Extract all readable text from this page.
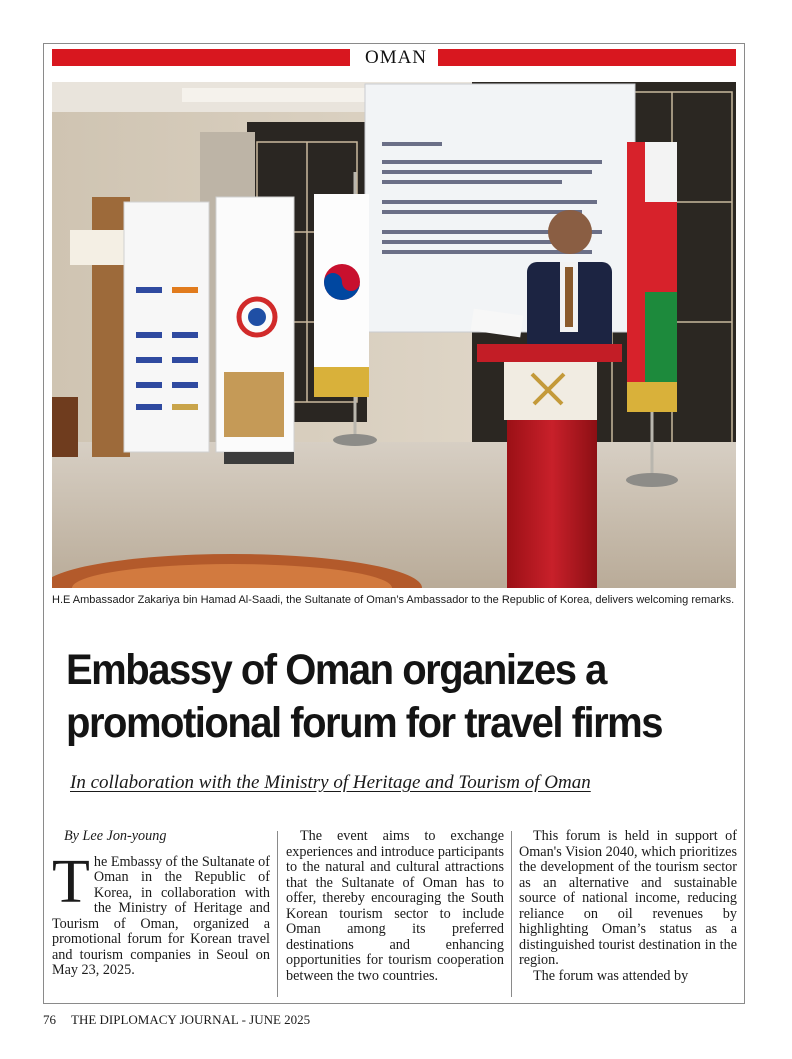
OMAN
H.E Ambassador Zakariya bin Hamad Al-Saadi, the Sultanate of Oman’s Ambassador to the Republic of Korea, delivers welcoming remarks.
Embassy of Oman organizes a promotional forum for travel firms
In collaboration with the Ministry of Heritage and Tourism of Oman

By Lee Jon-young

The Embassy of the Sultanate of Oman in the Republic of Korea, in collaboration with the Ministry of Heritage and Tourism of Oman, organized a promotional forum for Korean travel and tourism companies in Seoul on May 23, 2025.

The event aims to exchange experiences and introduce participants to the natural and cultural attractions that the Sultanate of Oman has to offer, thereby encouraging the South Korean tourism sector to include Oman among its preferred destinations and enhancing opportunities for tourism cooperation between the two countries.

This forum is held in support of Oman's Vision 2040, which prioritizes the development of the tourism sector as an alternative and sustainable source of national income, reducing reliance on oil revenues by highlighting Oman’s status as a distinguished tourist destination in the region.

The forum was attended by

76 THE DIPLOMACY JOURNAL - JUNE 2025
